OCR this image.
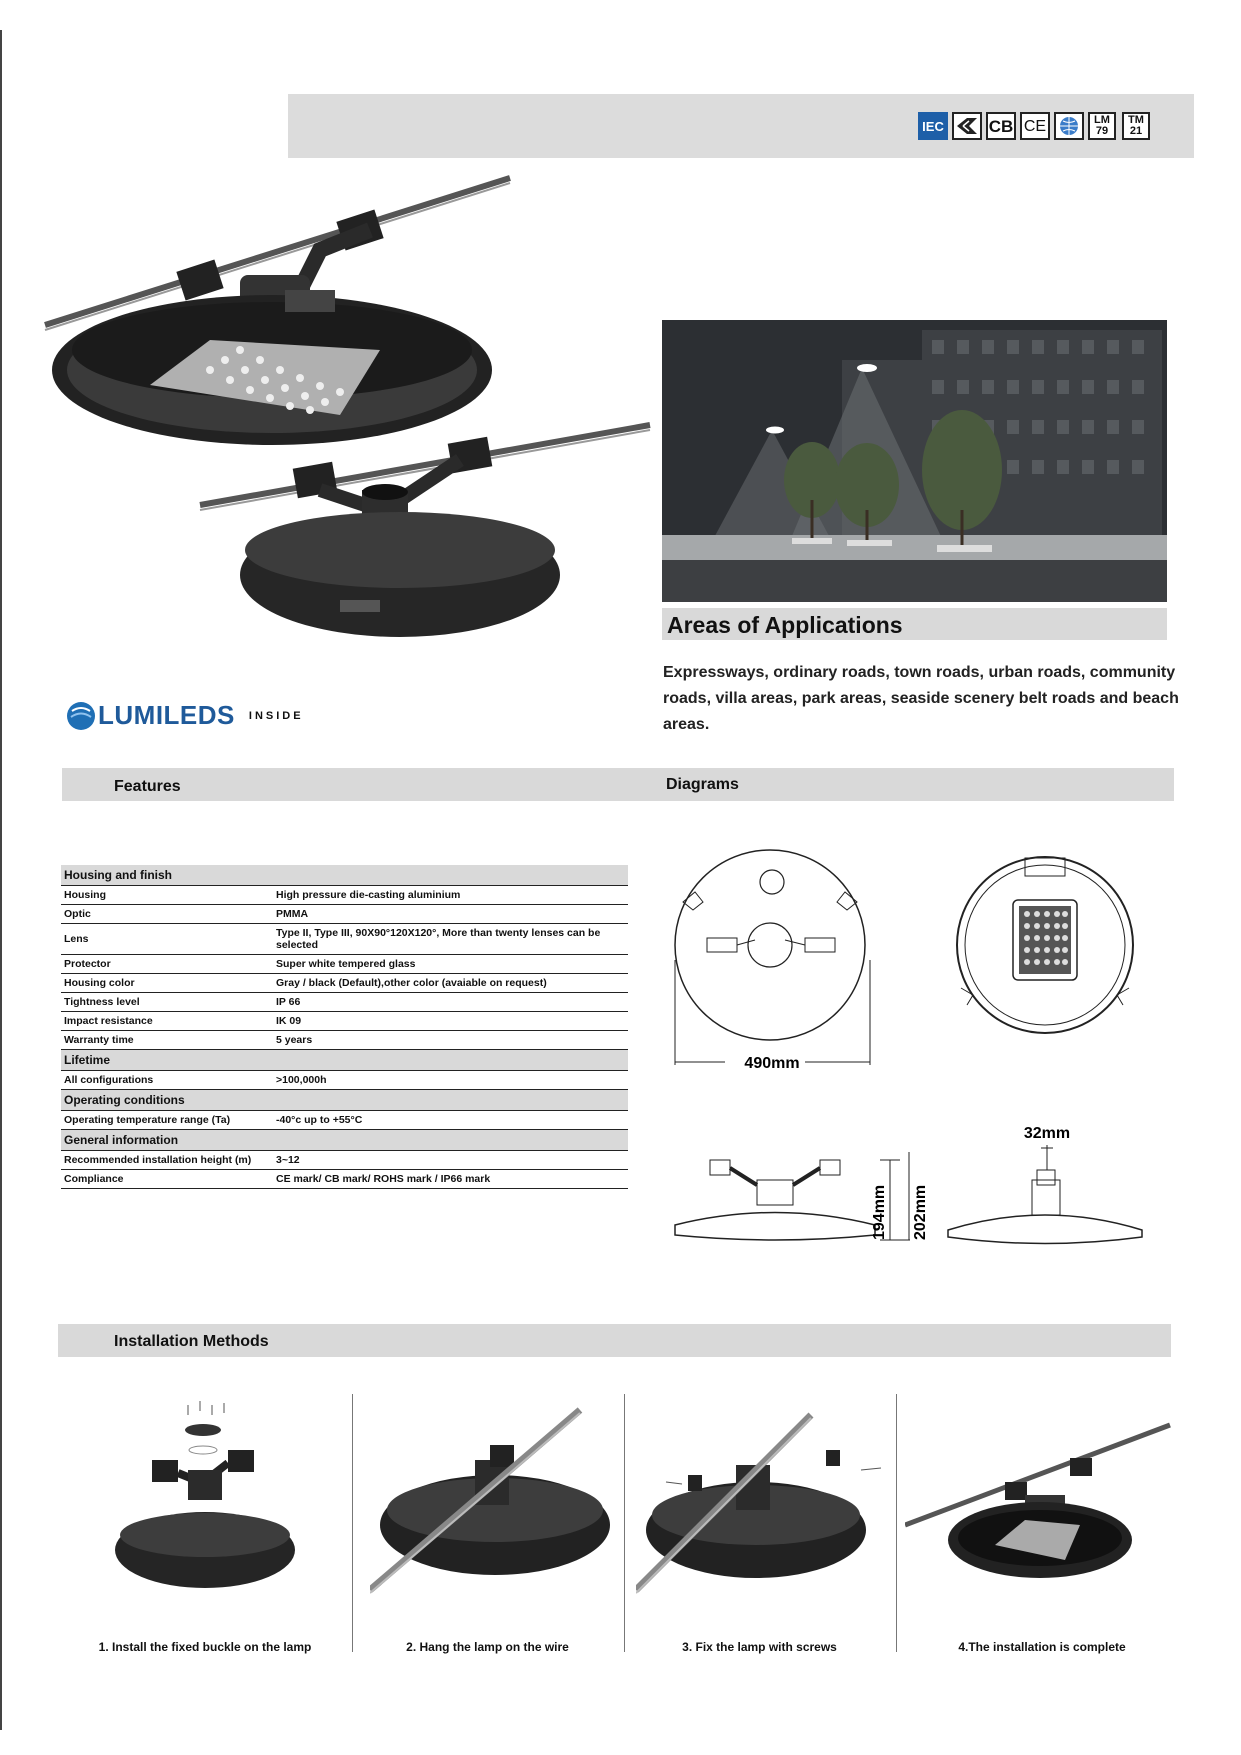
IEC	CB CE	LM
79
TM
21
LUMILEDS INSIDE
Areas of Applications
Expressways, ordinary roads, town roads, urban roads, community roads, villa areas, park areas, seaside scenery belt roads and beach areas.
Features	Diagrams
Housing and finish	
Housing	High pressure die-casting aluminium
Optic	PMMA
Lens	Type II, Type III, 90X90°120X120°, More than twenty lenses can be selected
Protector	Super white tempered glass
Housing color	Gray / black (Default),other color (avaiable on request)
Tightness level	IP 66
Impact resistance	IK 09
Warranty time	5 years
Lifetime	
All configurations	>100,000h
Operating conditions	
Operating temperature range (Ta)	-40°c up to +55°C
General information	
Recommended installation height (m)	3~12
Compliance	CE mark/ CB mark/ ROHS mark / IP66 mark
490mm
194mm 202mm
32mm
Installation Methods
1. Install the fixed buckle on the lamp	2. Hang the lamp on the wire	3. Fix the lamp with screws	4.The installation is complete
